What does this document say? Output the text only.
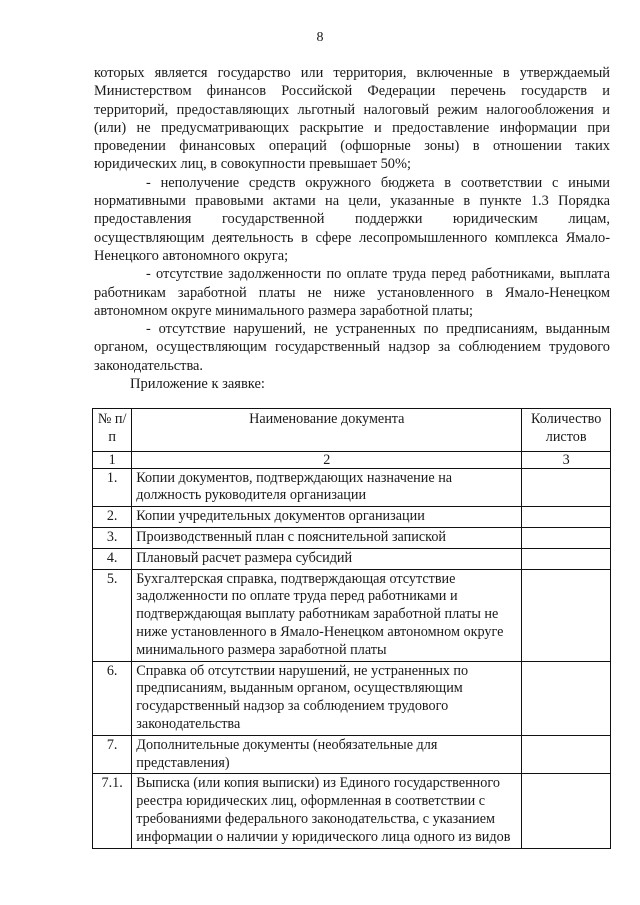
8

которых является государство или территория, включенные в утверждаемый Министерством финансов Российской Федерации перечень государств и территорий, предоставляющих льготный налоговый режим налогообложения и (или) не предусматривающих раскрытие и предоставление информации при проведении финансовых операций (офшорные зоны) в отношении таких юридических лиц, в совокупности превышает 50%;

- неполучение средств окружного бюджета в соответствии с иными нормативными правовыми актами на цели, указанные в пункте 1.3 Порядка предоставления государственной поддержки юридическим лицам, осуществляющим деятельность в сфере лесопромышленного комплекса Ямало-Ненецкого автономного округа;

- отсутствие задолженности по оплате труда перед работниками, выплата работникам заработной платы не ниже установленного в Ямало-Ненецком автономном округе минимального размера заработной платы;

- отсутствие нарушений, не устраненных по предписаниям, выданным органом, осуществляющим государственный надзор за соблюдением трудового законодательства.

Приложение к заявке:
№ п/п	Наименование документа	Количество листов
1	2	3
1.	Копии документов, подтверждающих назначение на должность руководителя организации	
2.	Копии учредительных документов организации	
3.	Производственный план с пояснительной запиской	
4.	Плановый расчет размера субсидий	
5.	Бухгалтерская справка, подтверждающая отсутствие задолженности по оплате труда перед работниками и подтверждающая выплату работникам заработной платы не ниже установленного в Ямало-Ненецком автономном округе минимального размера заработной платы	
6.	Справка об отсутствии нарушений, не устраненных по предписаниям, выданным органом, осуществляющим государственный надзор за соблюдением трудового законодательства	
7.	Дополнительные документы (необязательные для представления)	
7.1.	Выписка (или копия выписки) из Единого государственного реестра юридических лиц, оформленная в соответствии с требованиями федерального законодательства, с указанием информации о наличии у юридического лица одного из видов	
